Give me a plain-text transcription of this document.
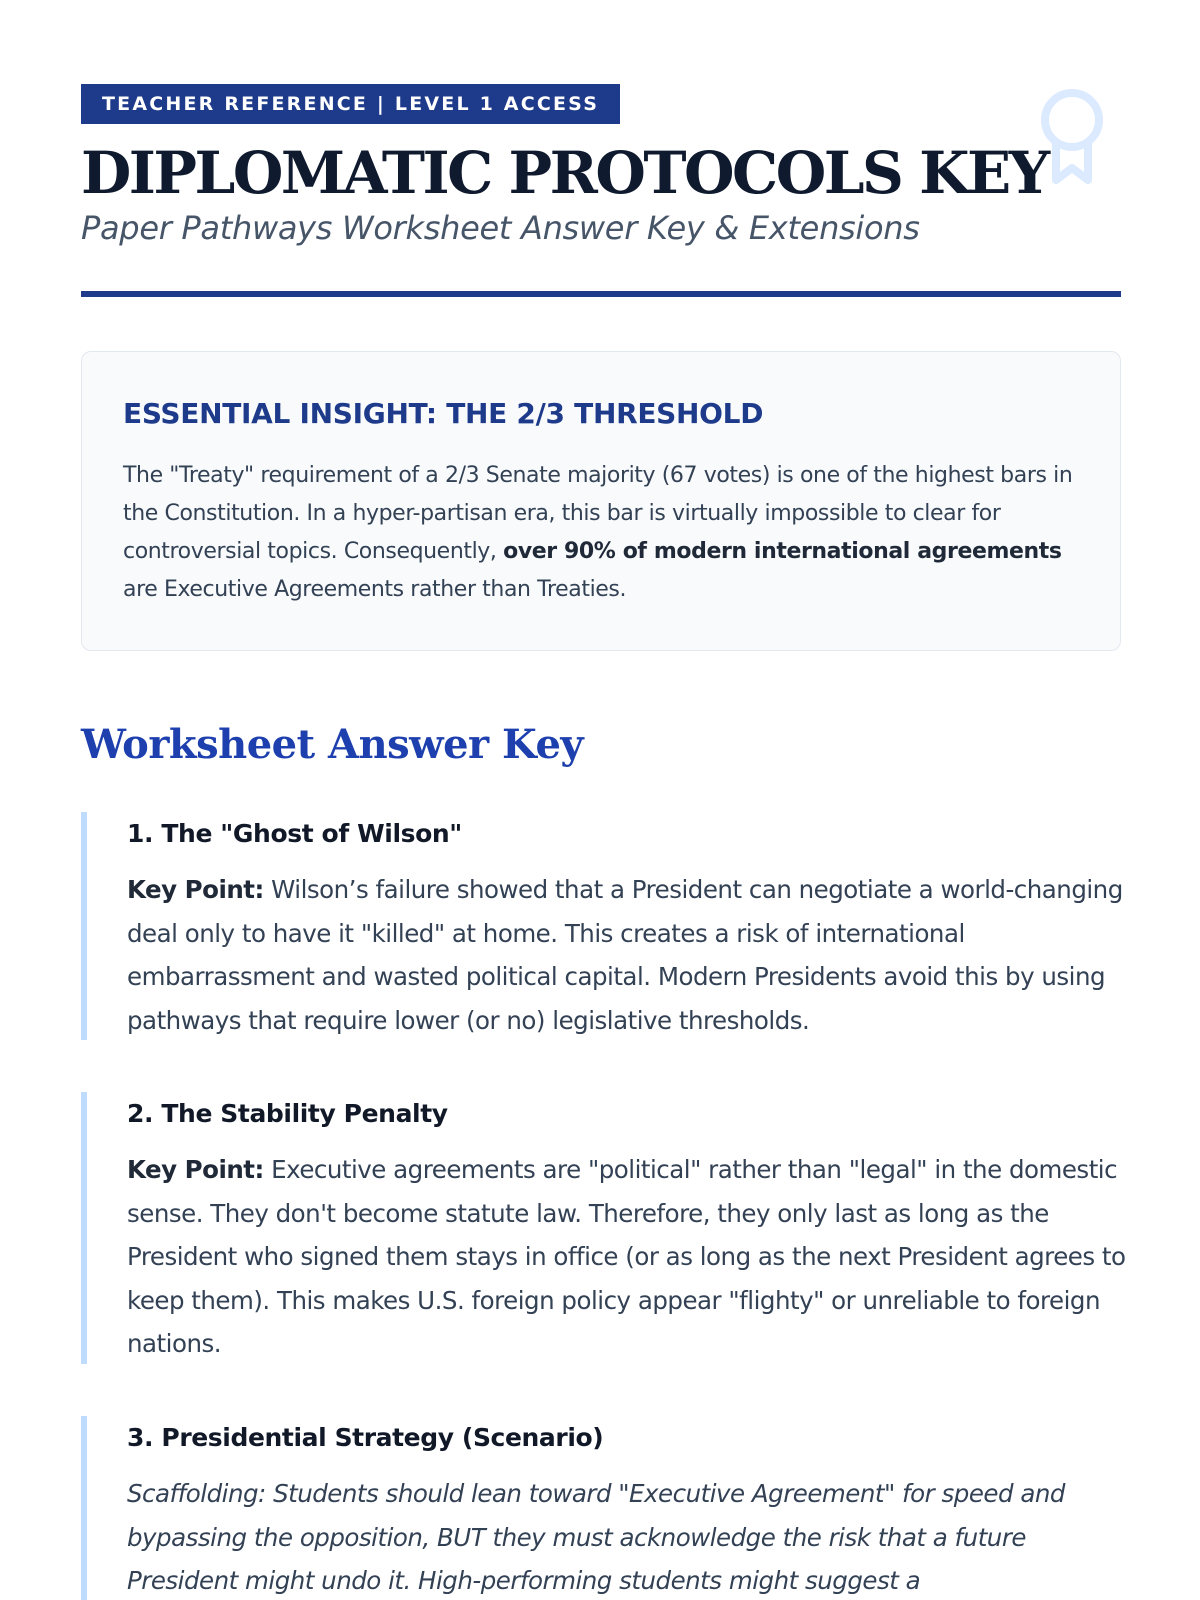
TEACHER REFERENCE | LEVEL 1 ACCESS
DIPLOMATIC PROTOCOLS KEY
Paper Pathways Worksheet Answer Key & Extensions
ESSENTIAL INSIGHT: THE 2/3 THRESHOLD

The "Treaty" requirement of a 2/3 Senate majority (67 votes) is one of the highest bars in the Constitution. In a hyper-partisan era, this bar is virtually impossible to clear for controversial topics. Consequently, over 90% of modern international agreements are Executive Agreements rather than Treaties.

Worksheet Answer Key
1. The "Ghost of Wilson"

Key Point: Wilson’s failure showed that a President can negotiate a world-changing deal only to have it "killed" at home. This creates a risk of international embarrassment and wasted political capital. Modern Presidents avoid this by using pathways that require lower (or no) legislative thresholds.

2. The Stability Penalty

Key Point: Executive agreements are "political" rather than "legal" in the domestic sense. They don't become statute law. Therefore, they only last as long as the President who signed them stays in office (or as long as the next President agrees to keep them). This makes U.S. foreign policy appear "flighty" or unreliable to foreign nations.

3. Presidential Strategy (Scenario)

Scaffolding: Students should lean toward "Executive Agreement" for speed and bypassing the opposition, BUT they must acknowledge the risk that a future President might undo it. High-performing students might suggest a
